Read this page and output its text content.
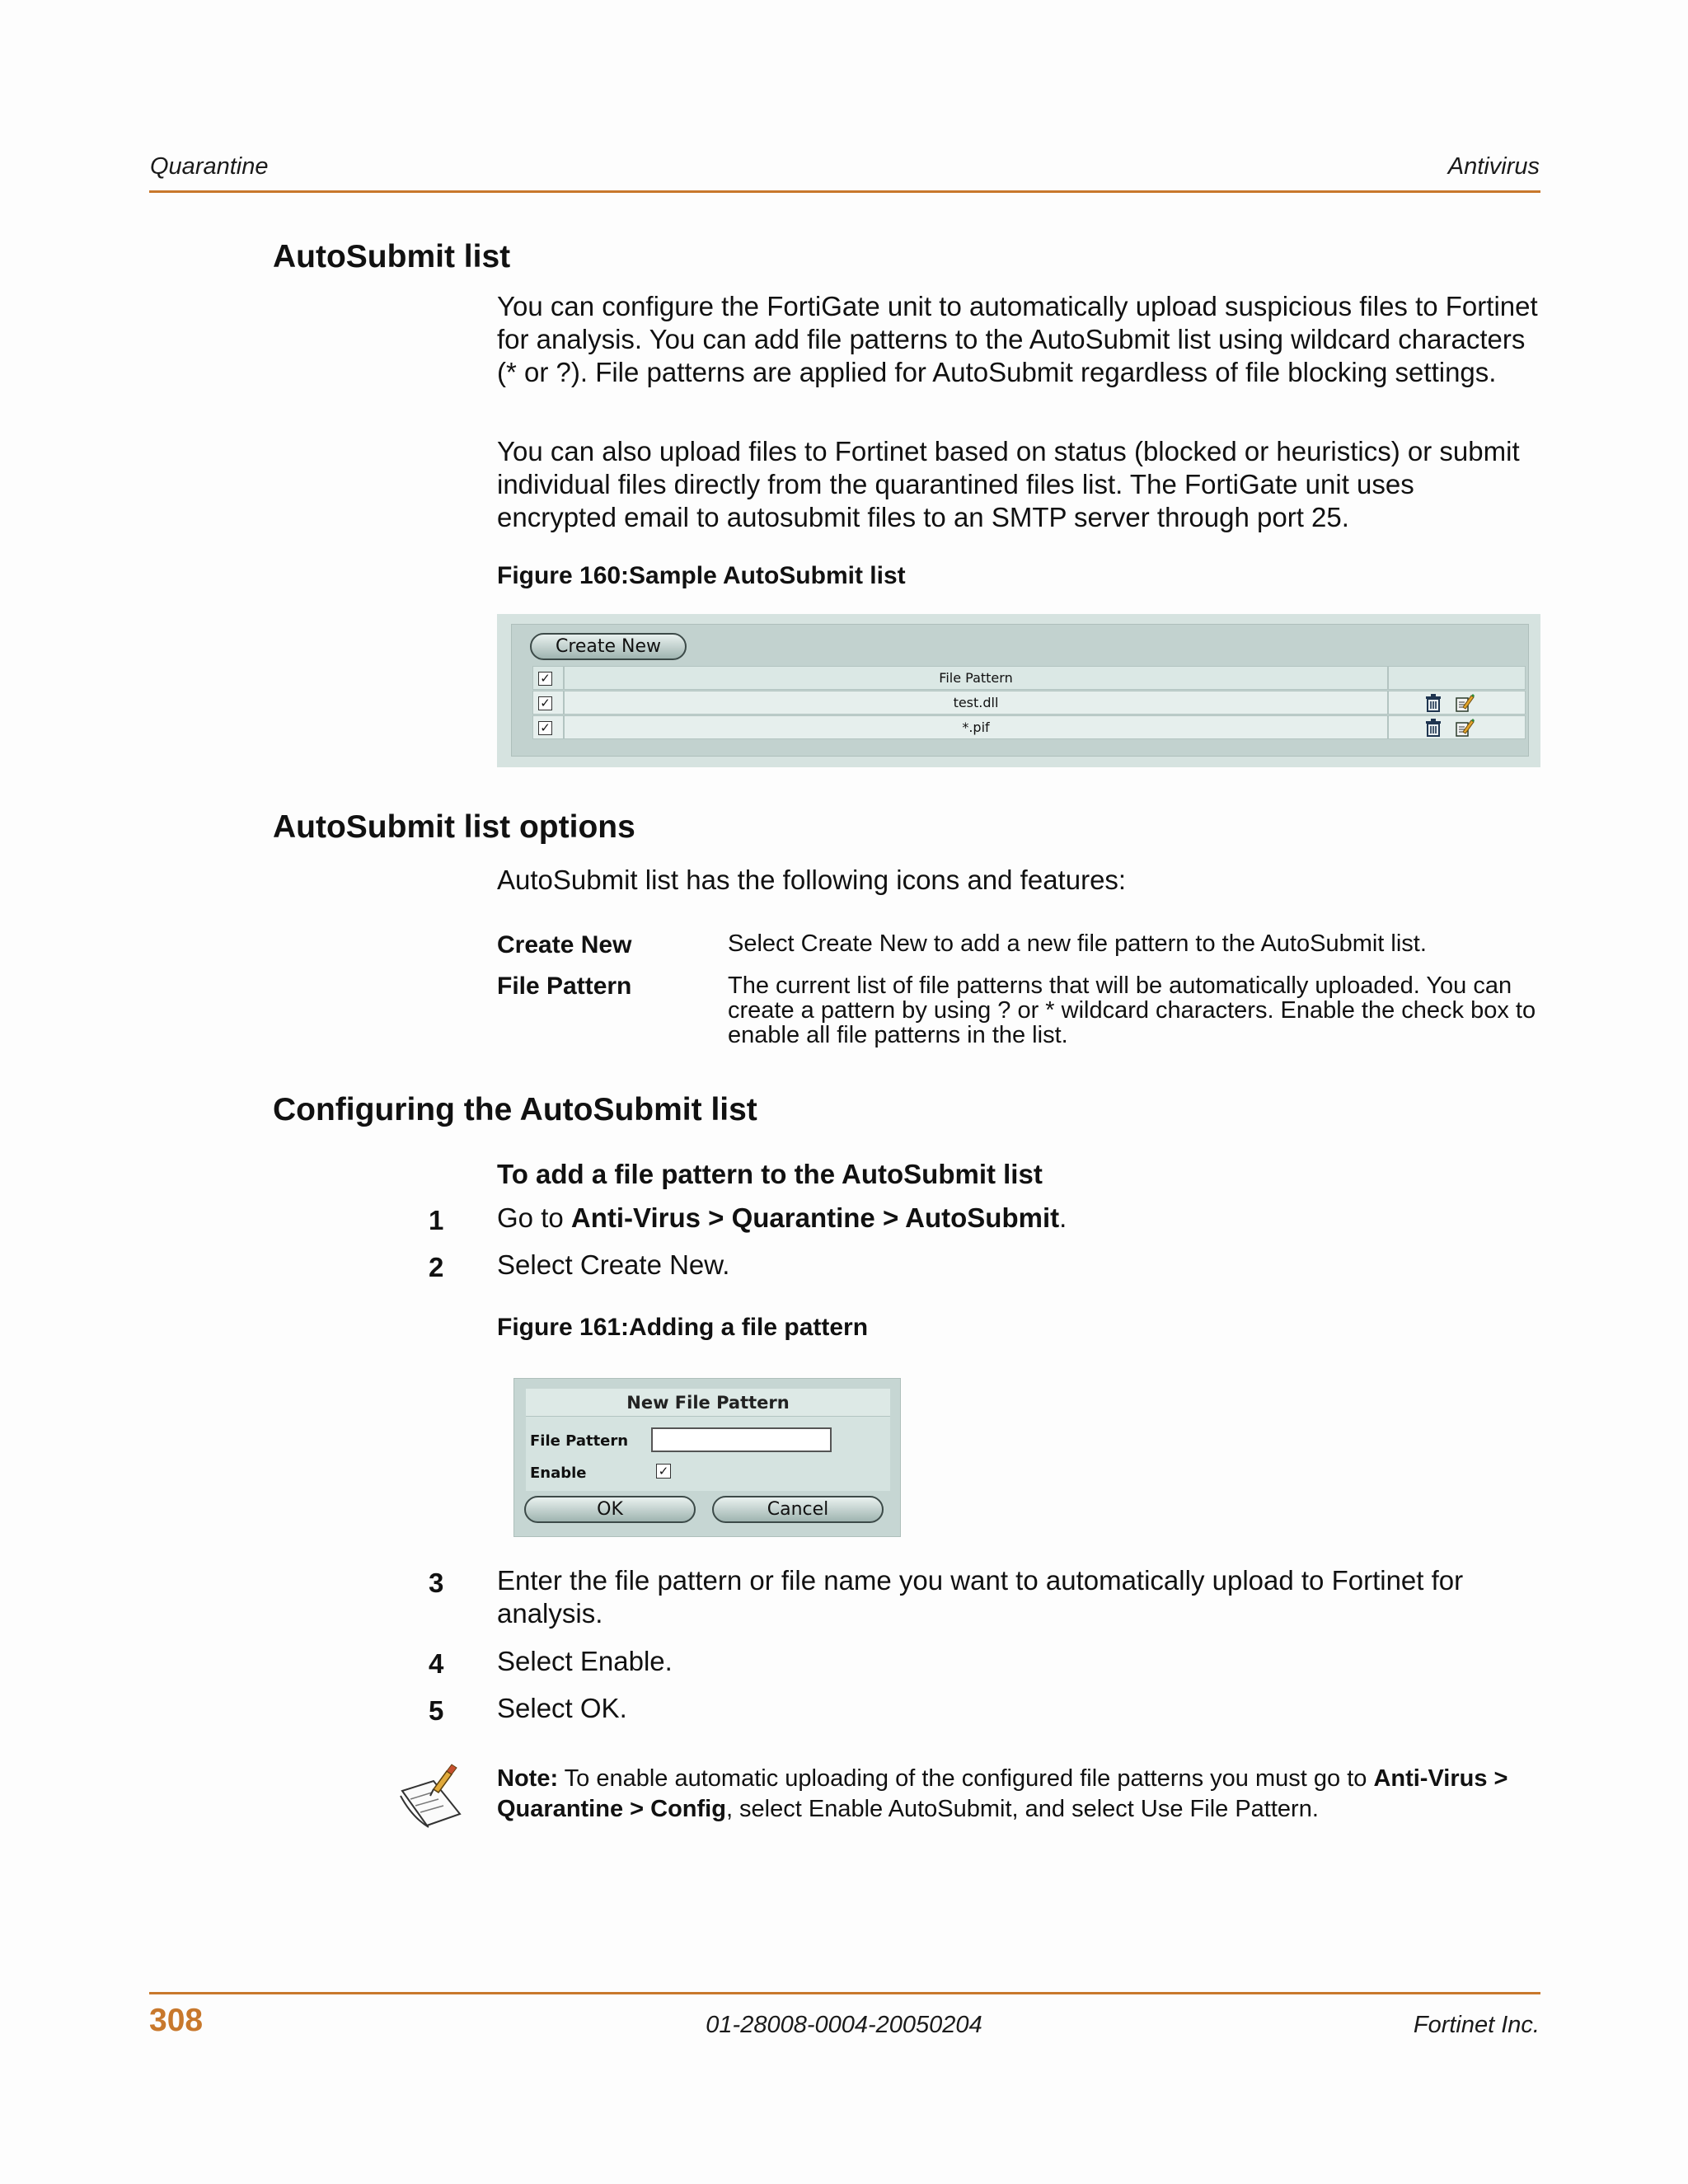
Quarantine	Antivirus
AutoSubmit list
You can configure the FortiGate unit to automatically upload suspicious files to Fortinet for analysis. You can add file patterns to the AutoSubmit list using wildcard characters (* or ?). File patterns are applied for AutoSubmit regardless of file blocking settings.
You can also upload files to Fortinet based on status (blocked or heuristics) or submit individual files directly from the quarantined files list. The FortiGate unit uses encrypted email to autosubmit files to an SMTP server through port 25.
Figure 160:Sample AutoSubmit list
Create New
✓	File Pattern
✓	test.dll
✓	*.pif
AutoSubmit list options
AutoSubmit list has the following icons and features:
Create New	Select Create New to add a new file pattern to the AutoSubmit list.
File Pattern	The current list of file patterns that will be automatically uploaded. You can create a pattern by using ? or * wildcard characters. Enable the check box to enable all file patterns in the list.
Configuring the AutoSubmit list
To add a file pattern to the AutoSubmit list
1 Go to Anti-Virus > Quarantine > AutoSubmit.
2 Select Create New.
Figure 161:Adding a file pattern
New File Pattern
File Pattern
Enable	✓
OK	Cancel
3 Enter the file pattern or file name you want to automatically upload to Fortinet for analysis.
4 Select Enable.
5 Select OK.
Note: To enable automatic uploading of the configured file patterns you must go to Anti-Virus > Quarantine > Config, select Enable AutoSubmit, and select Use File Pattern.
308	01-28008-0004-20050204	Fortinet Inc.
